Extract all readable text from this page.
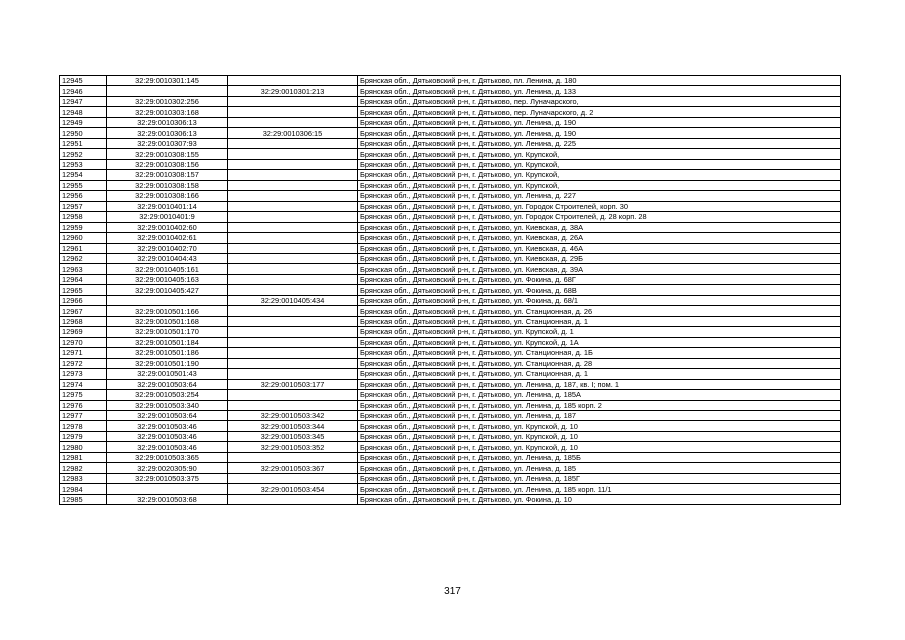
12945	32:29:0010301:145		Брянская обл., Дятьковский р-н, г. Дятьково, пл. Ленина, д. 180
12946		32:29:0010301:213	Брянская обл., Дятьковский р-н, г. Дятьково, ул. Ленина, д. 133
12947	32:29:0010302:256		Брянская обл., Дятьковский р-н, г. Дятьково, пер. Луначарского,
12948	32:29:0010303:168		Брянская обл., Дятьковский р-н, г. Дятьково, пер. Луначарского, д. 2
12949	32:29:0010306:13		Брянская обл., Дятьковский р-н, г. Дятьково, ул. Ленина, д. 190
12950	32:29:0010306:13	32:29:0010306:15	Брянская обл., Дятьковский р-н, г. Дятьково, ул. Ленина, д. 190
12951	32:29:0010307:93		Брянская обл., Дятьковский р-н, г. Дятьково, ул. Ленина, д. 225
12952	32:29:0010308:155		Брянская обл., Дятьковский р-н, г. Дятьково, ул. Крупской,
12953	32:29:0010308:156		Брянская обл., Дятьковский р-н, г. Дятьково, ул. Крупской,
12954	32:29:0010308:157		Брянская обл., Дятьковский р-н, г. Дятьково, ул. Крупской,
12955	32:29:0010308:158		Брянская обл., Дятьковский р-н, г. Дятьково, ул. Крупской,
12956	32:29:0010308:166		Брянская обл., Дятьковский р-н, г. Дятьково, ул. Ленина, д. 227
12957	32:29:0010401:14		Брянская обл., Дятьковский р-н, г. Дятьково, ул. Городок Строителей, корп. 30
12958	32:29:0010401:9		Брянская обл., Дятьковский р-н, г. Дятьково, ул. Городок Строителей, д. 28 корп. 28
12959	32:29:0010402:60		Брянская обл., Дятьковский р-н, г. Дятьково, ул. Киевская, д. 38А
12960	32:29:0010402:61		Брянская обл., Дятьковский р-н, г. Дятьково, ул. Киевская, д. 26А
12961	32:29:0010402:70		Брянская обл., Дятьковский р-н, г. Дятьково, ул. Киевская, д. 46А
12962	32:29:0010404:43		Брянская обл., Дятьковский р-н, г. Дятьково, ул. Киевская, д. 29Б
12963	32:29:0010405:161		Брянская обл., Дятьковский р-н, г. Дятьково, ул. Киевская, д. 39А
12964	32:29:0010405:163		Брянская обл., Дятьковский р-н, г. Дятьково, ул. Фокина, д. 68Г
12965	32:29:0010405:427		Брянская обл., Дятьковский р-н, г. Дятьково, ул. Фокина, д. 68В
12966		32:29:0010405:434	Брянская обл., Дятьковский р-н, г. Дятьково, ул. Фокина, д. 68/1
12967	32:29:0010501:166		Брянская обл., Дятьковский р-н, г. Дятьково, ул. Станционная, д. 26
12968	32:29:0010501:168		Брянская обл., Дятьковский р-н, г. Дятьково, ул. Станционная, д. 1
12969	32:29:0010501:170		Брянская обл., Дятьковский р-н, г. Дятьково, ул. Крупской, д. 1
12970	32:29:0010501:184		Брянская обл., Дятьковский р-н, г. Дятьково, ул. Крупской, д. 1А
12971	32:29:0010501:186		Брянская обл., Дятьковский р-н, г. Дятьково, ул. Станционная, д. 1Б
12972	32:29:0010501:190		Брянская обл., Дятьковский р-н, г. Дятьково, ул. Станционная, д. 28
12973	32:29:0010501:43		Брянская обл., Дятьковский р-н, г. Дятьково, ул. Станционная, д. 1
12974	32:29:0010503:64	32:29:0010503:177	Брянская обл., Дятьковский р-н, г. Дятьково, ул. Ленина, д. 187, кв. I; пом. 1
12975	32:29:0010503:254		Брянская обл., Дятьковский р-н, г. Дятьково, ул. Ленина, д. 185А
12976	32:29:0010503:340		Брянская обл., Дятьковский р-н, г. Дятьково, ул. Ленина, д. 185 корп. 2
12977	32:29:0010503:64	32:29:0010503:342	Брянская обл., Дятьковский р-н, г. Дятьково, ул. Ленина, д. 187
12978	32:29:0010503:46	32:29:0010503:344	Брянская обл., Дятьковский р-н, г. Дятьково, ул. Крупской, д. 10
12979	32:29:0010503:46	32:29:0010503:345	Брянская обл., Дятьковский р-н, г. Дятьково, ул. Крупской, д. 10
12980	32:29:0010503:46	32:29:0010503:352	Брянская обл., Дятьковский р-н, г. Дятьково, ул. Крупской, д. 10
12981	32:29:0010503:365		Брянская обл., Дятьковский р-н, г. Дятьково, ул. Ленина, д. 185Б
12982	32:29:0020305:90	32:29:0010503:367	Брянская обл., Дятьковский р-н, г. Дятьково, ул. Ленина, д. 185
12983	32:29:0010503:375		Брянская обл., Дятьковский р-н, г. Дятьково, ул. Ленина, д. 185Г
12984		32:29:0010503:454	Брянская обл., Дятьковский р-н, г. Дятьково, ул. Ленина, д. 185 корп. 11/1
12985	32:29:0010503:68		Брянская обл., Дятьковский р-н, г. Дятьково, ул. Фокина, д. 10
317
